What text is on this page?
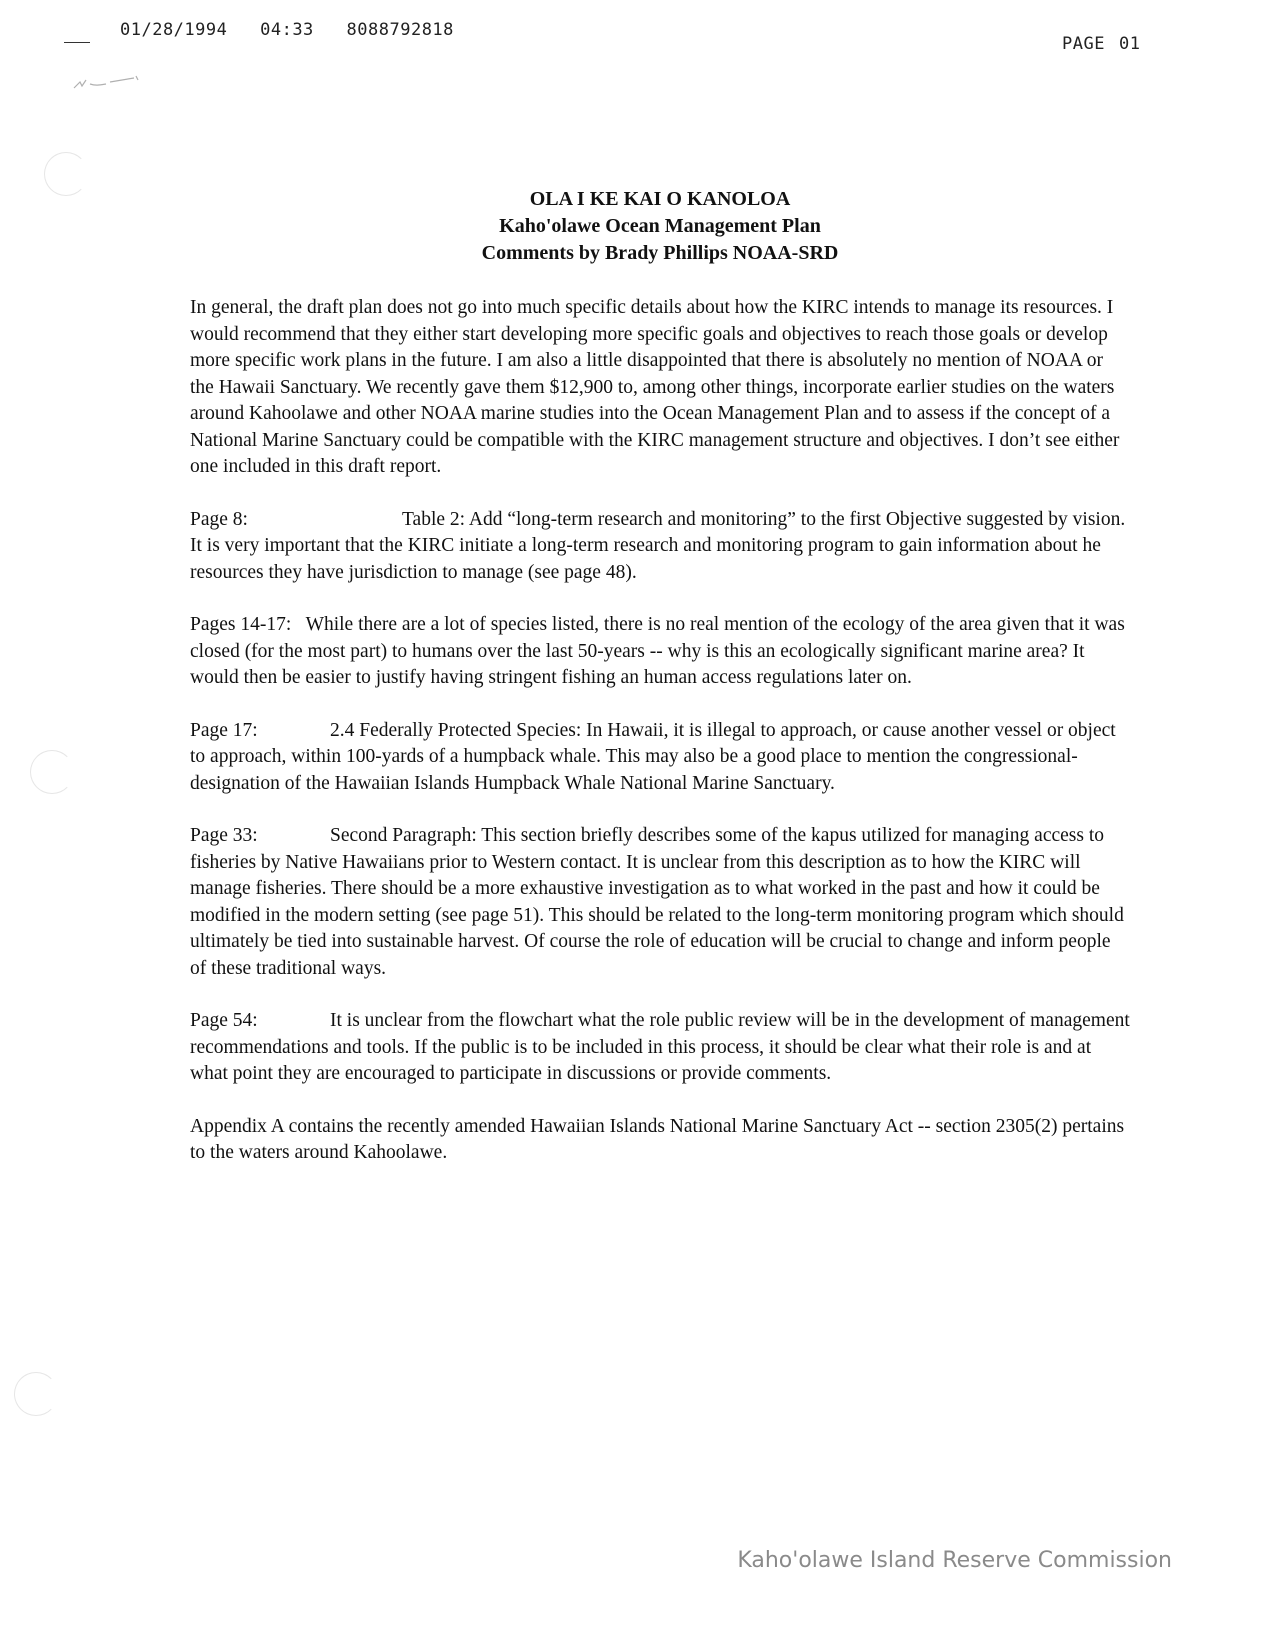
01/28/1994 04:33 8088792818
PAGE 01
OLA I KE KAI O KANOLOA
Kaho'olawe Ocean Management Plan
Comments by Brady Phillips NOAA-SRD

In general, the draft plan does not go into much specific details about how the KIRC intends to manage its resources. I would recommend that they either start developing more specific goals and objectives to reach those goals or develop more specific work plans in the future. I am also a little disappointed that there is absolutely no mention of NOAA or the Hawaii Sanctuary. We recently gave them $12,900 to, among other things, incorporate earlier studies on the waters around Kahoolawe and other NOAA marine studies into the Ocean Management Plan and to assess if the concept of a National Marine Sanctuary could be compatible with the KIRC management structure and objectives. I don’t see either one included in this draft report.

Page 8:	Table 2: Add “long-term research and monitoring” to the first Objective suggested by vision. It is very important that the KIRC initiate a long-term research and monitoring program to gain information about he resources they have jurisdiction to manage (see page 48).

Pages 14-17: While there are a lot of species listed, there is no real mention of the ecology of the area given that it was closed (for the most part) to humans over the last 50-years -- why is this an ecologically significant marine area? It would then be easier to justify having stringent fishing an human access regulations later on.

Page 17:	2.4 Federally Protected Species: In Hawaii, it is illegal to approach, or cause another vessel or object to approach, within 100-yards of a humpback whale. This may also be a good place to mention the congressional-designation of the Hawaiian Islands Humpback Whale National Marine Sanctuary.

Page 33:	Second Paragraph: This section briefly describes some of the kapus utilized for managing access to fisheries by Native Hawaiians prior to Western contact. It is unclear from this description as to how the KIRC will manage fisheries. There should be a more exhaustive investigation as to what worked in the past and how it could be modified in the modern setting (see page 51). This should be related to the long-term monitoring program which should ultimately be tied into sustainable harvest. Of course the role of education will be crucial to change and inform people of these traditional ways.

Page 54:	It is unclear from the flowchart what the role public review will be in the development of management recommendations and tools. If the public is to be included in this process, it should be clear what their role is and at what point they are encouraged to participate in discussions or provide comments.

Appendix A contains the recently amended Hawaiian Islands National Marine Sanctuary Act -- section 2305(2) pertains to the waters around Kahoolawe.

Kaho'olawe Island Reserve Commission
